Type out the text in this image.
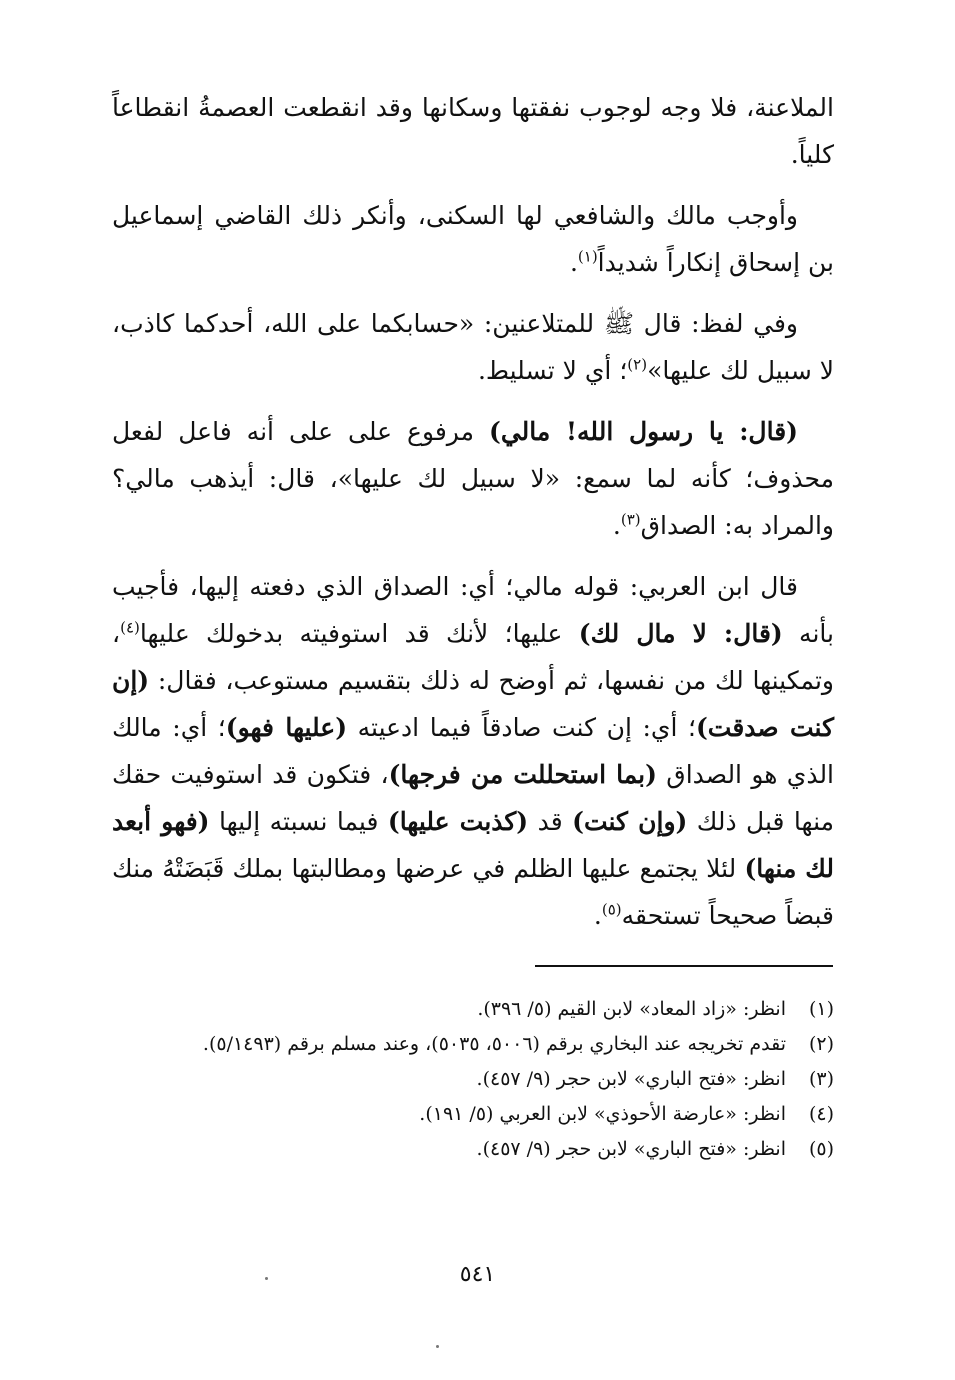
الملاعنة، فلا وجه لوجوب نفقتها وسكانها وقد انقطعت العصمةُ انقطاعاً كلياً.

وأوجب مالك والشافعي لها السكنى، وأنكر ذلك القاضي إسماعيل بن إسحاق إنكاراً شديداً$^{(١)}$.

وفي لفظ: قال ﷺ للمتلاعنين: «حسابكما على الله، أحدكما كاذب، لا سبيل لك عليها»$^{(٢)}$؛ أي لا تسليط.

(قال: يا رسول الله! مالي) مرفوع على على أنه فاعل لفعل محذوف؛ كأنه لما سمع: «لا سبيل لك عليها»، قال: أيذهب مالي؟ والمراد به: الصداق$^{(٣)}$.

قال ابن العربي: قوله مالي؛ أي: الصداق الذي دفعته إليها، فأجيب بأنه (قال: لا مال لك) عليها؛ لأنك قد استوفيته بدخولك عليها$^{(٤)}$، وتمكينها لك من نفسها، ثم أوضح له ذلك بتقسيم مستوعب، فقال: (إن كنت صدقت)؛ أي: إن كنت صادقاً فيما ادعيته (عليها فهو)؛ أي: مالك الذي هو الصداق (بما استحللت من فرجها)، فتكون قد استوفيت حقك منها قبل ذلك (وإن كنت) قد (كذبت عليها) فيما نسبته إليها (فهو أبعد لك منها) لئلا يجتمع عليها الظلم في عرضها ومطالبتها بملك قَبَضَتْهُ منك قبضاً صحيحاً تستحقه$^{(٥)}$.

(١)
انظر: «زاد المعاد» لابن القيم (٥/ ٣٩٦).
(٢)
تقدم تخريجه عند البخاري برقم (٥٠٠٦، ٥٠٣٥)، وعند مسلم برقم (٥/١٤٩٣).
(٣)
انظر: «فتح الباري» لابن حجر (٩/ ٤٥٧).
(٤)
انظر: «عارضة الأحوذي» لابن العربي (٥/ ١٩١).
(٥)
انظر: «فتح الباري» لابن حجر (٩/ ٤٥٧).
٥٤١
